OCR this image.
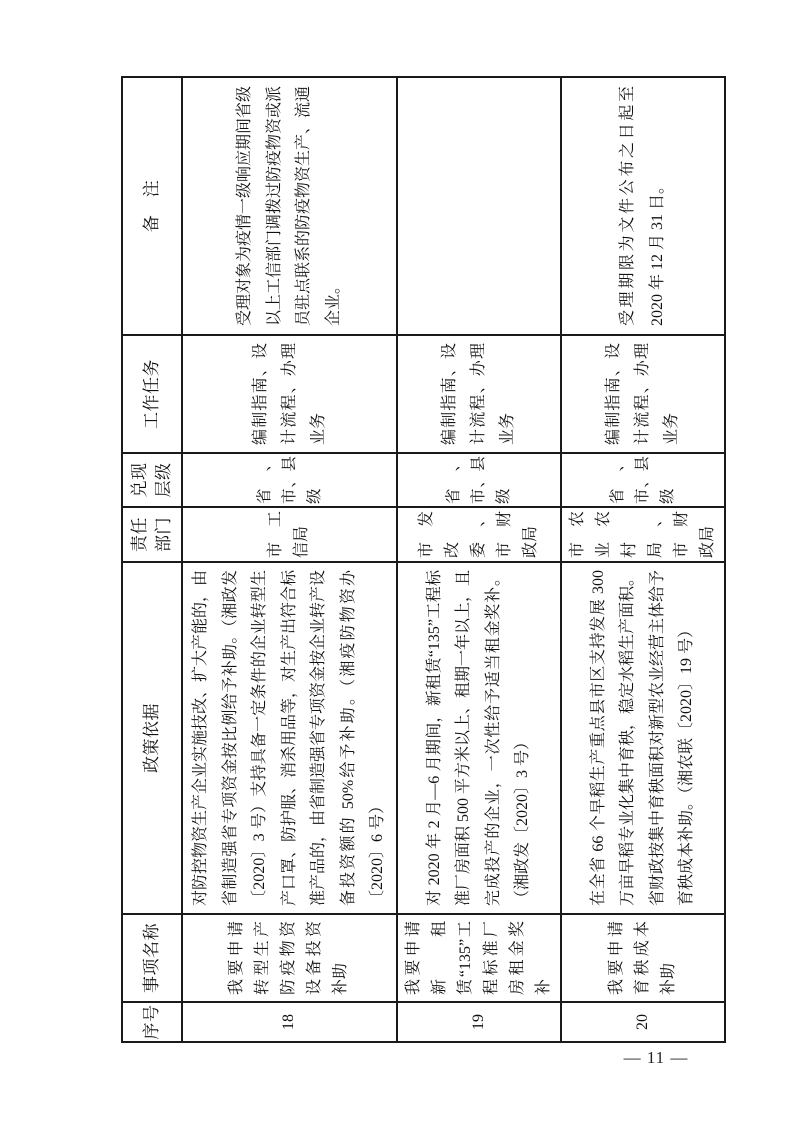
序号	事项名称	政策依据	责任部门	兑现层级	工作任务	备　注
18	我要申请转型生产防疫物资设备投资补助	对防控物资生产企业实施技改、扩大产能的，由省制造强省专项资金按比例给予补助。（湘政发〔2020〕3 号）支持具备一定条件的企业转型生产口罩、防护服、消杀用品等，对生产出符合标准产品的，由省制造强省专项资金按企业转产设备投资额的 50%给予补助。（湘疫防物资办〔2020〕6 号）	市工信局	省、市、县级	编制指南、设计流程、办理业务	受理对象为疫情一级响应期间省级以上工信部门调拨过防疫物资或派员驻点联系的防疫物资生产、流通企业。
19	我要申请新租赁“135”工程标准厂房租金奖补	对 2020 年 2 月—6 月期间，新租赁“135”工程标准厂房面积 500 平方米以上、租期一年以上，且完成投产的企业，一次性给予适当租金奖补。（湘政发〔2020〕3 号）	市发改委、市财政局	省、市、县级	编制指南、设计流程、办理业务	
20	我要申请育秧成本补助	在全省 66 个早稻生产重点县市区支持发展 300 万亩早稻专业化集中育秧，稳定水稻生产面积。省财政按集中育秧面积对新型农业经营主体给予育秧成本补助。（湘农联〔2020〕19 号）	市农业农村局、市财政局	省、市、县级	编制指南、设计流程、办理业务	受理期限为文件公布之日起至 2020 年 12 月 31 日。
— 11 —
